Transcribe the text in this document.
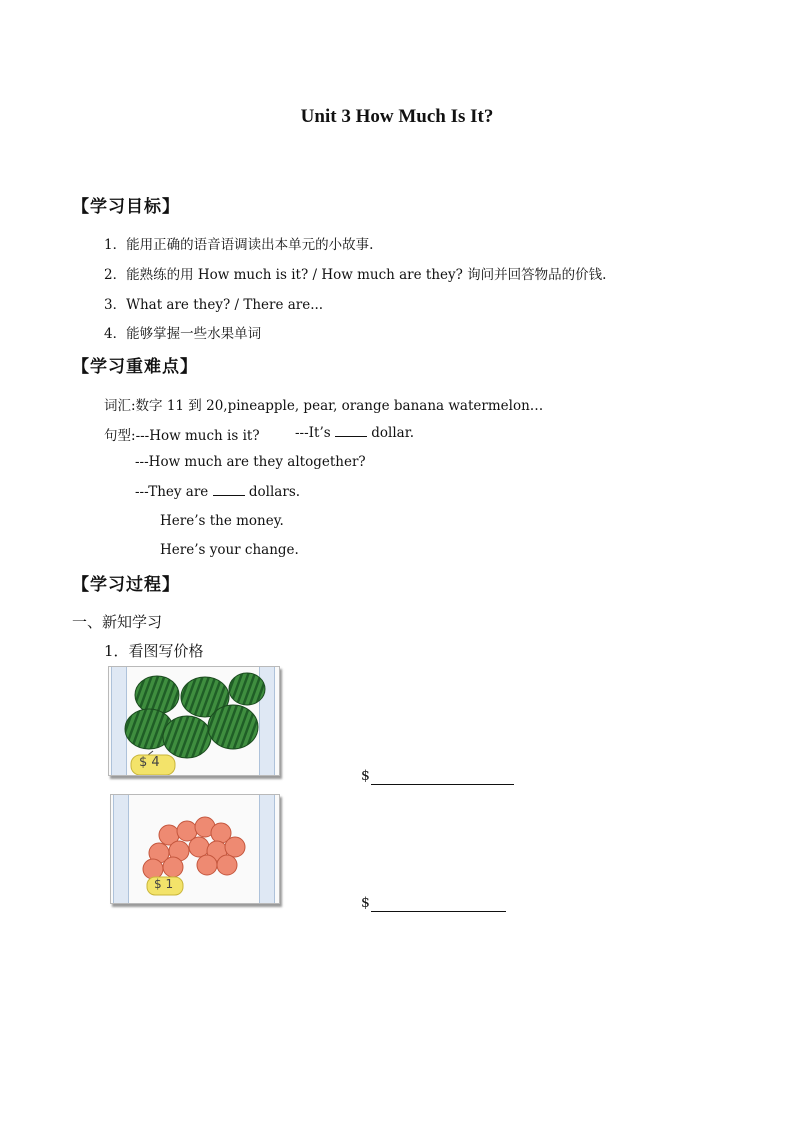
Unit 3 How Much Is It?
【学习目标】
1．能用正确的语音语调读出本单元的小故事.
2．能熟练的用 How much is it? / How much are they? 询问并回答物品的价钱.
3．What are they? / There are...
4．能够掌握一些水果单词
【学习重难点】
词汇:数字 11 到 20,pineapple, pear, orange banana watermelon…
句型:---How much is it?	---It’s	dollar.
---How much are they altogether?
---They are	dollars.
Here’s the money.
Here’s your change.
【学习过程】
一、新知学习
1．看图写价格
$ 4
$
$ 1
$
